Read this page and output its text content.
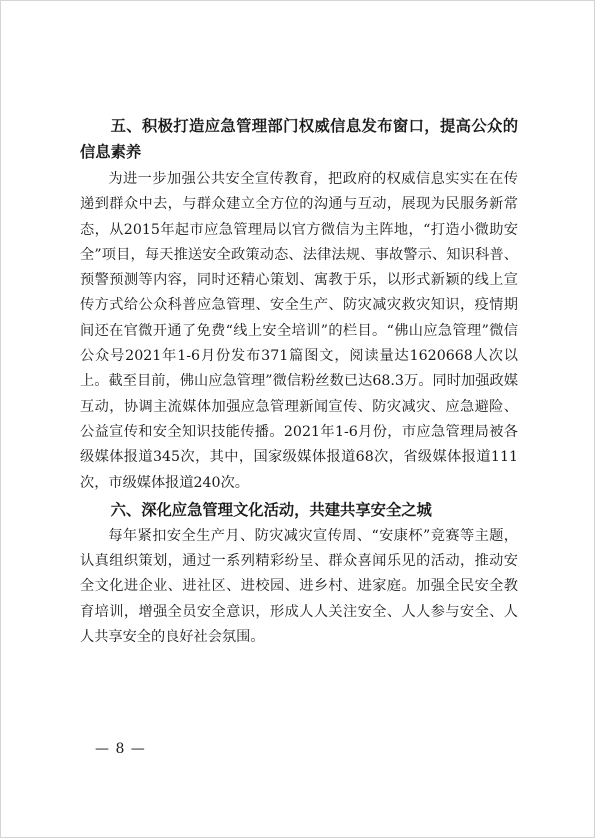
五、积极打造应急管理部门权威信息发布窗口，提高公众的信息素养

为进一步加强公共安全宣传教育，把政府的权威信息实实在在传递到群众中去，与群众建立全方位的沟通与互动，展现为民服务新常态，从2015年起市应急管理局以官方微信为主阵地，“打造小微助安全”项目，每天推送安全政策动态、法律法规、事故警示、知识科普、预警预测等内容，同时还精心策划、寓教于乐，以形式新颖的线上宣传方式给公众科普应急管理、安全生产、防灾减灾救灾知识，疫情期间还在官微开通了免费“线上安全培训”的栏目。“佛山应急管理”微信公众号2021年1-6月份发布371篇图文，阅读量达1620668人次以上。截至目前，佛山应急管理”微信粉丝数已达68.3万。同时加强政媒互动，协调主流媒体加强应急管理新闻宣传、防灾减灾、应急避险、公益宣传和安全知识技能传播。2021年1-6月份，市应急管理局被各级媒体报道345次，其中，国家级媒体报道68次，省级媒体报道111次，市级媒体报道240次。

六、深化应急管理文化活动，共建共享安全之城

每年紧扣安全生产月、防灾减灾宣传周、“安康杯”竞赛等主题，认真组织策划，通过一系列精彩纷呈、群众喜闻乐见的活动，推动安全文化进企业、进社区、进校园、进乡村、进家庭。加强全民安全教育培训，增强全员安全意识，形成人人关注安全、人人参与安全、人人共享安全的良好社会氛围。

— 8 —
